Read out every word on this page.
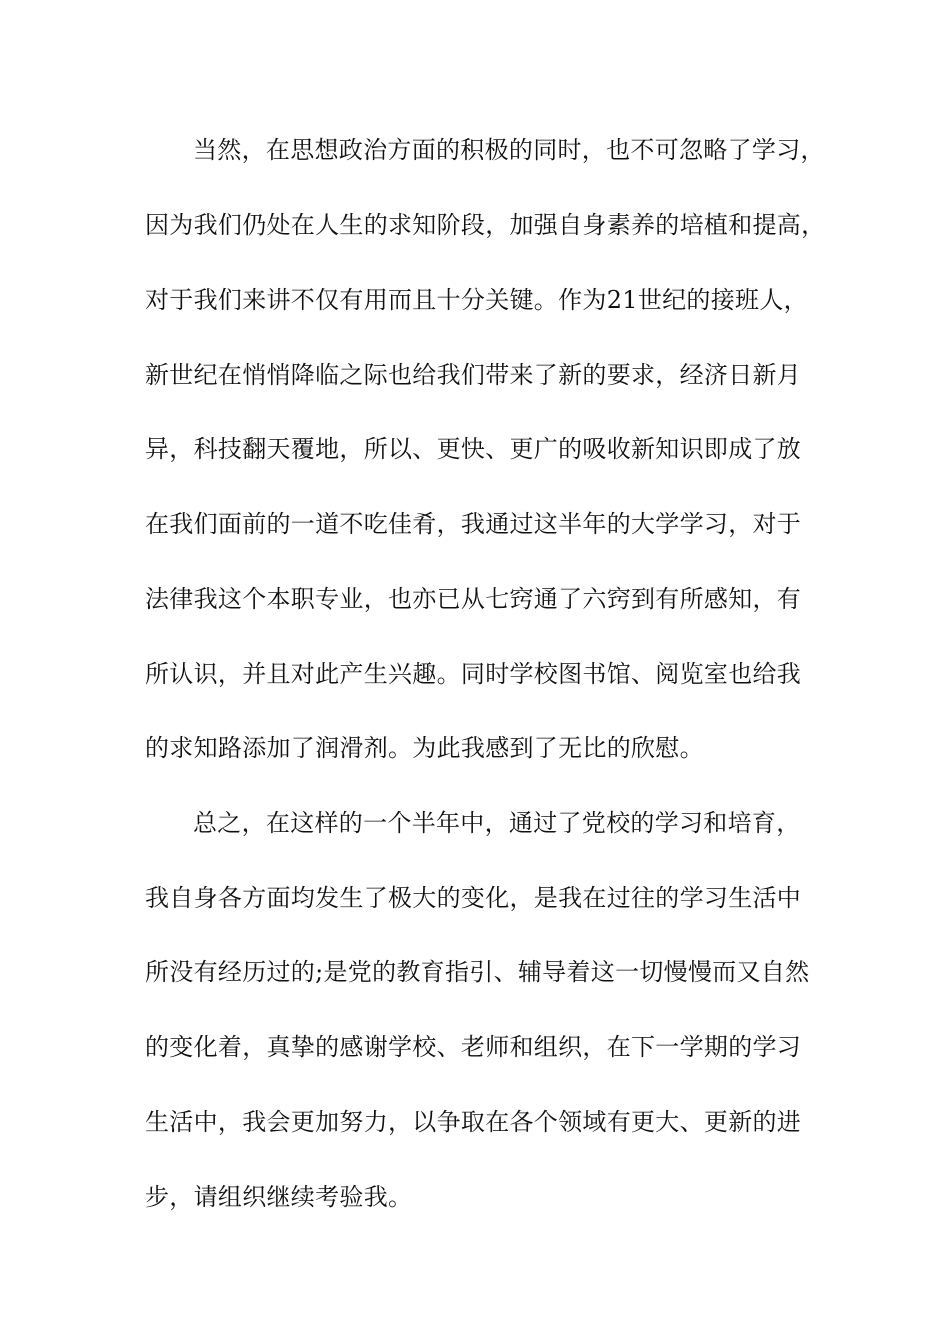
当然，在思想政治方面的积极的同时，也不可忽略了学习，

因为我们仍处在人生的求知阶段，加强自身素养的培植和提高，

对于我们来讲不仅有用而且十分关键。作为21世纪的接班人，

新世纪在悄悄降临之际也给我们带来了新的要求，经济日新月

异，科技翻天覆地，所以、更快、更广的吸收新知识即成了放

在我们面前的一道不吃佳肴，我通过这半年的大学学习，对于

法律我这个本职专业，也亦已从七窍通了六窍到有所感知，有

所认识，并且对此产生兴趣。同时学校图书馆、阅览室也给我

的求知路添加了润滑剂。为此我感到了无比的欣慰。

总之，在这样的一个半年中，通过了党校的学习和培育，

我自身各方面均发生了极大的变化，是我在过往的学习生活中

所没有经历过的;是党的教育指引、辅导着这一切慢慢而又自然

的变化着，真挚的感谢学校、老师和组织，在下一学期的学习

生活中，我会更加努力，以争取在各个领域有更大、更新的进

步，请组织继续考验我。
